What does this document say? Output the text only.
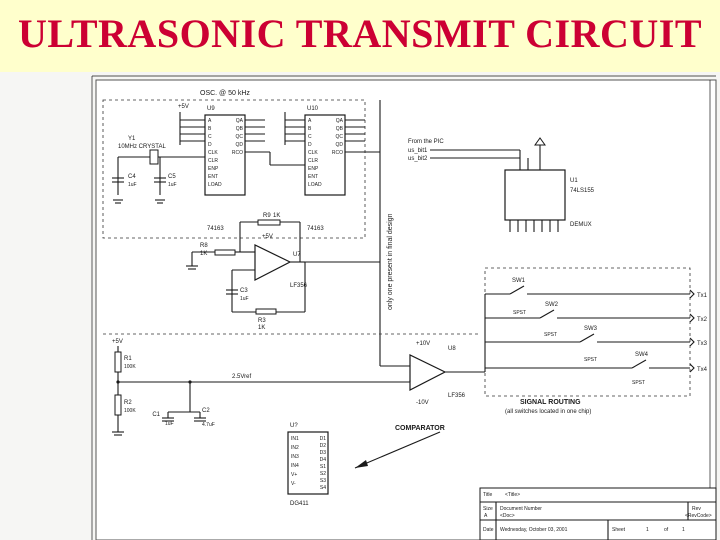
ULTRASONIC TRANSMIT CIRCUIT
OSC. @ 50 kHz
U9
74163
+5V	U10
74163
Y1
10MHz CRYSTAL
C4
1uF
C5
1uF
U7
LF356
+5V
R9 1K
R8
1K
C3
1uF
R3
1K
only one present in final design
+5V
R1
100K
R2
100K
2.5Vref
C1
1uF
C2
4.7uF
U8
LF356
+10V
-10V
COMPARATOR
U?
DG411
From the PIC
us_bit1
us_bit2
U1
74LS155
DEMUX
SIGNAL ROUTING
(all switches located in one chip)
SW1
SW2
SPST
SW3
SPST
SW4
SPST
SPST
Tx1
Tx2
Tx3
Tx4
Title	<Title>
Size
A
Document Number
<Doc>
Rev
<RevCode>
Date Wednesday, October 03, 2001	Sheet	1	of	1
A
B
C
D
CLK
CLR
ENP
ENT
LOAD
QA
QB
QC
QD
RCO
A
B
C
D
CLK
CLR
ENP
ENT
LOAD
QA
QB
QC
QD
RCO
IN1
IN2
IN3
IN4
V+
V-
D1
D2
D3
D4
S1
S2
S3
S4
